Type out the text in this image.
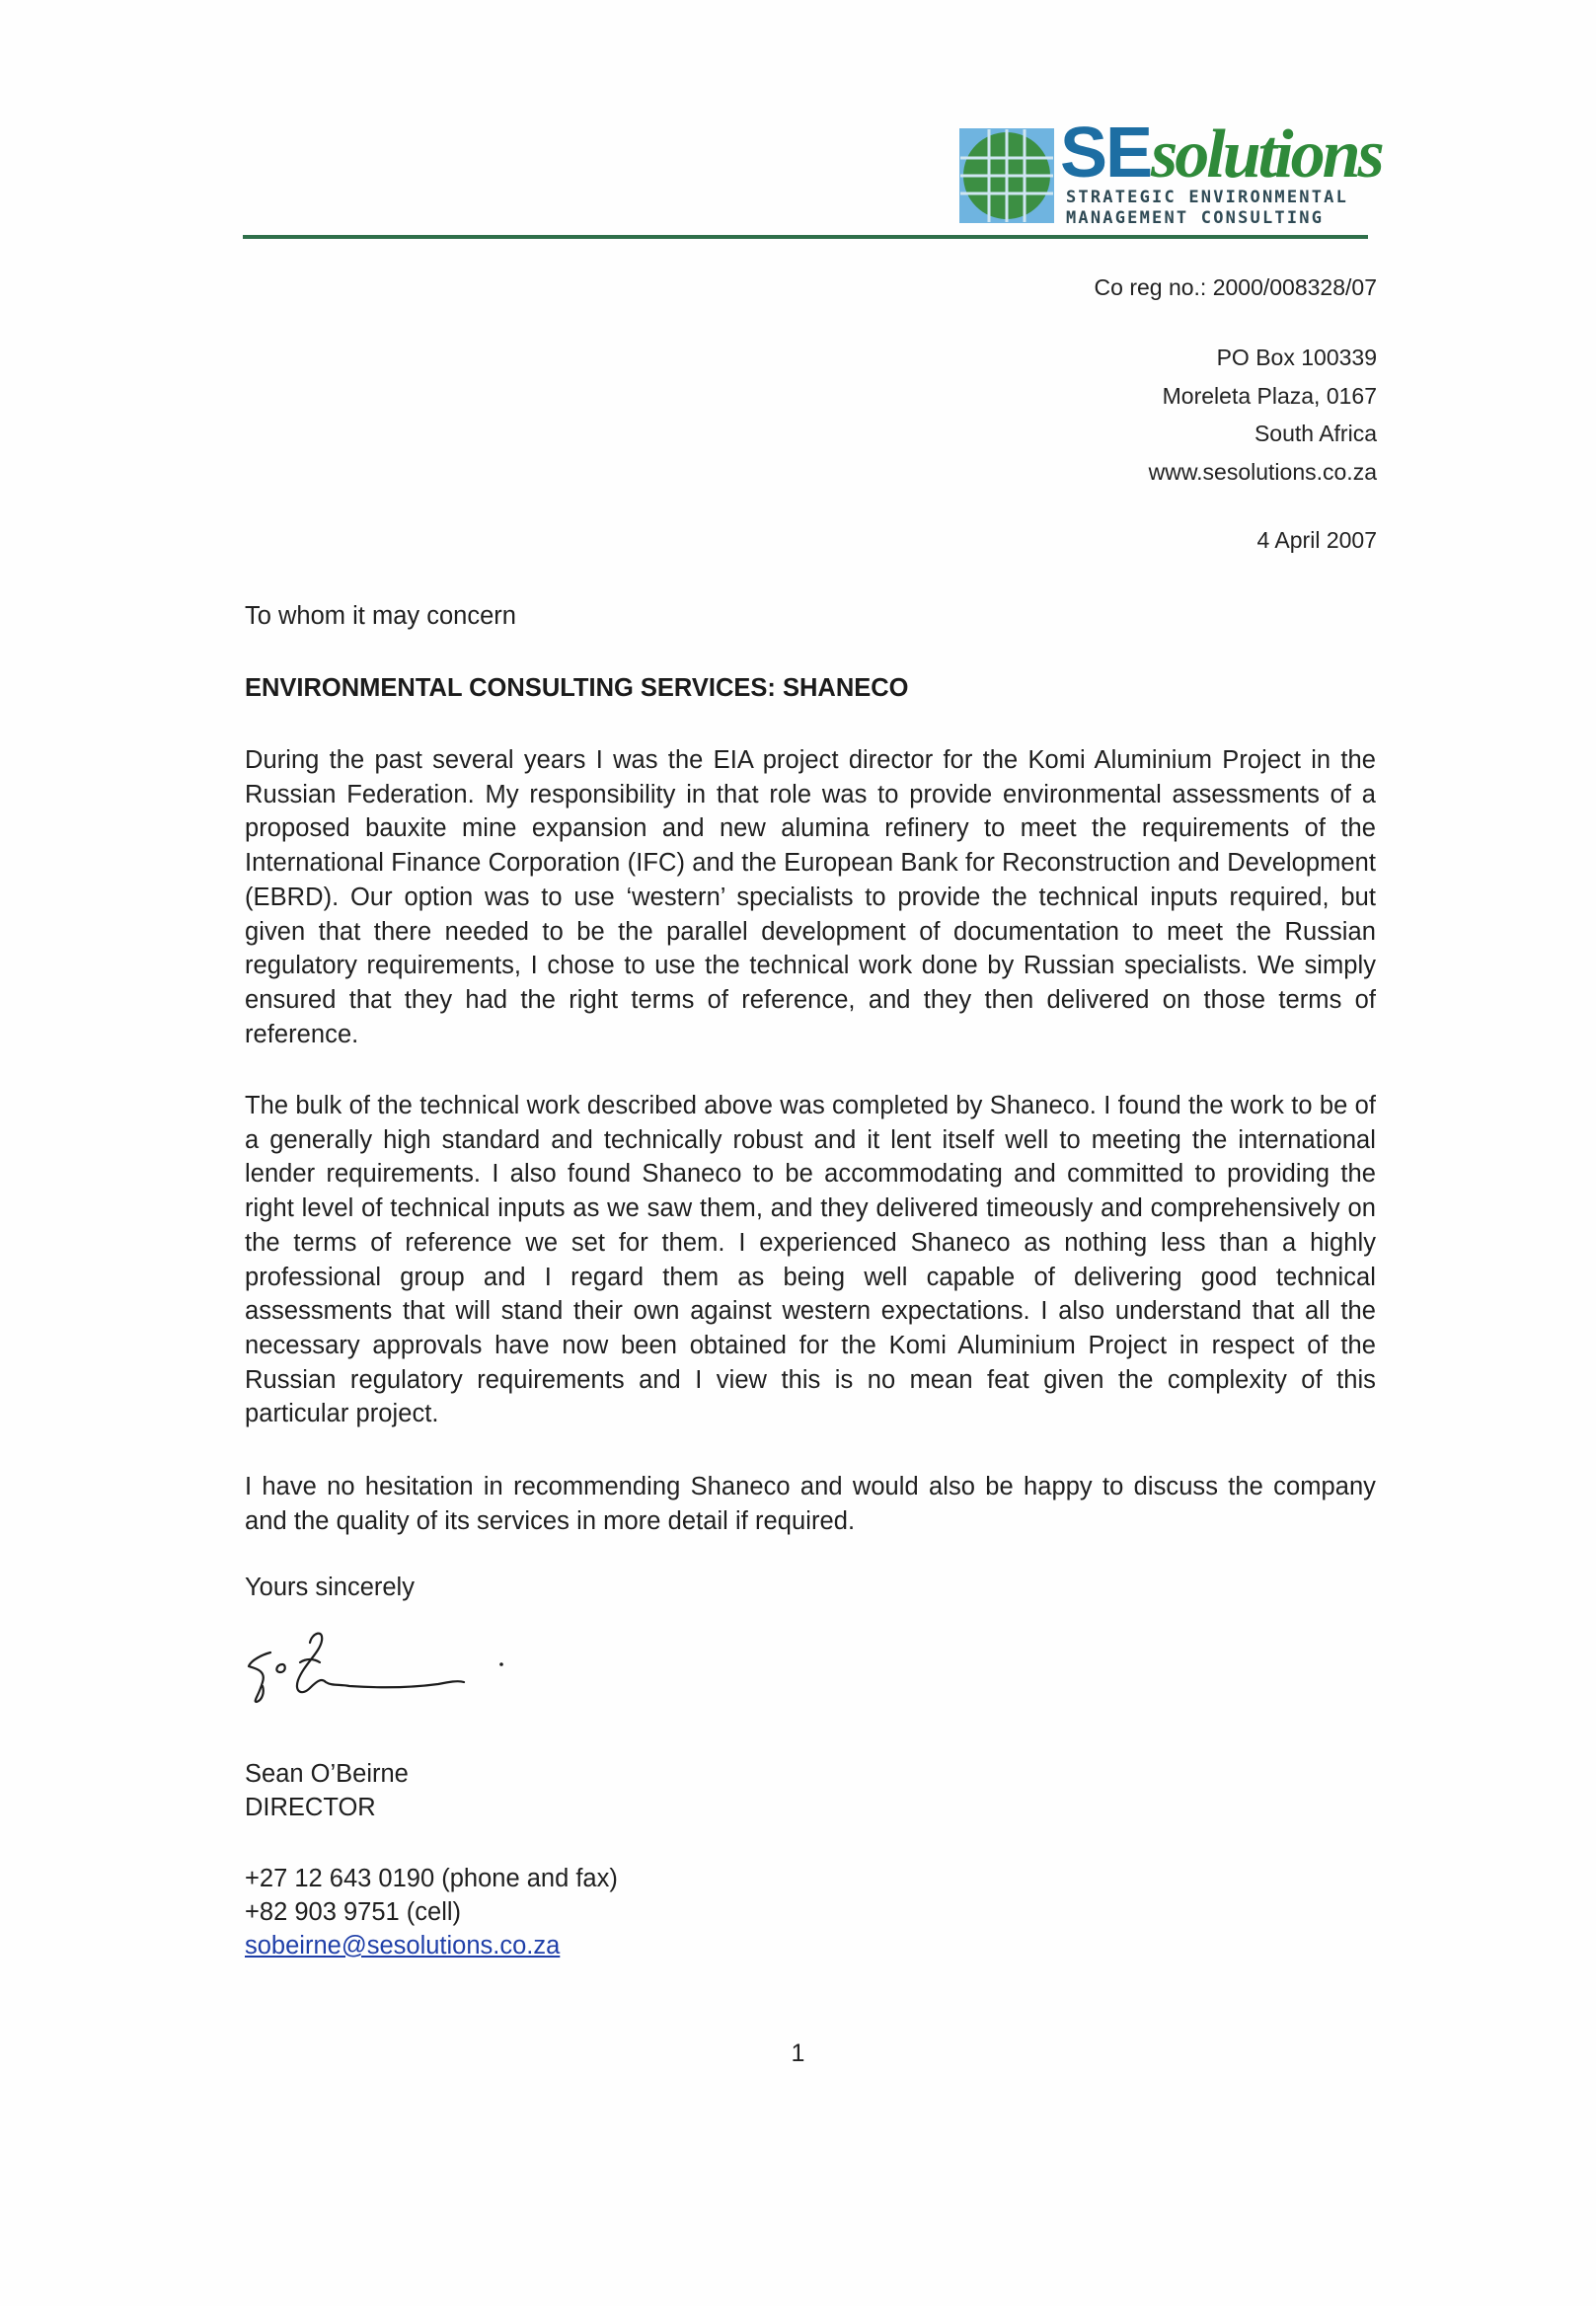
SEsolutions
STRATEGIC ENVIRONMENTAL
MANAGEMENT CONSULTING
Co reg no.: 2000/008328/07
PO Box 100339
Moreleta Plaza, 0167
South Africa
www.sesolutions.co.za
4 April 2007
To whom it may concern
ENVIRONMENTAL CONSULTING SERVICES: SHANECO
During the past several years I was the EIA project director for the Komi Aluminium Project in the Russian Federation. My responsibility in that role was to provide environmental assessments of a proposed bauxite mine expansion and new alumina refinery to meet the requirements of the International Finance Corporation (IFC) and the European Bank for Reconstruction and Development (EBRD). Our option was to use ‘western’ specialists to provide the technical inputs required, but given that there needed to be the parallel development of documentation to meet the Russian regulatory requirements, I chose to use the technical work done by Russian specialists. We simply ensured that they had the right terms of reference, and they then delivered on those terms of reference.
The bulk of the technical work described above was completed by Shaneco. I found the work to be of a generally high standard and technically robust and it lent itself well to meeting the international lender requirements. I also found Shaneco to be accommodating and committed to providing the right level of technical inputs as we saw them, and they delivered timeously and comprehensively on the terms of reference we set for them. I experienced Shaneco as nothing less than a highly professional group and I regard them as being well capable of delivering good technical assessments that will stand their own against western expectations. I also understand that all the necessary approvals have now been obtained for the Komi Aluminium Project in respect of the Russian regulatory requirements and I view this is no mean feat given the complexity of this particular project.
I have no hesitation in recommending Shaneco and would also be happy to discuss the company and the quality of its services in more detail if required.
Yours sincerely
Sean O’Beirne
DIRECTOR
+27 12 643 0190 (phone and fax)
+82 903 9751 (cell)
sobeirne@sesolutions.co.za
1
